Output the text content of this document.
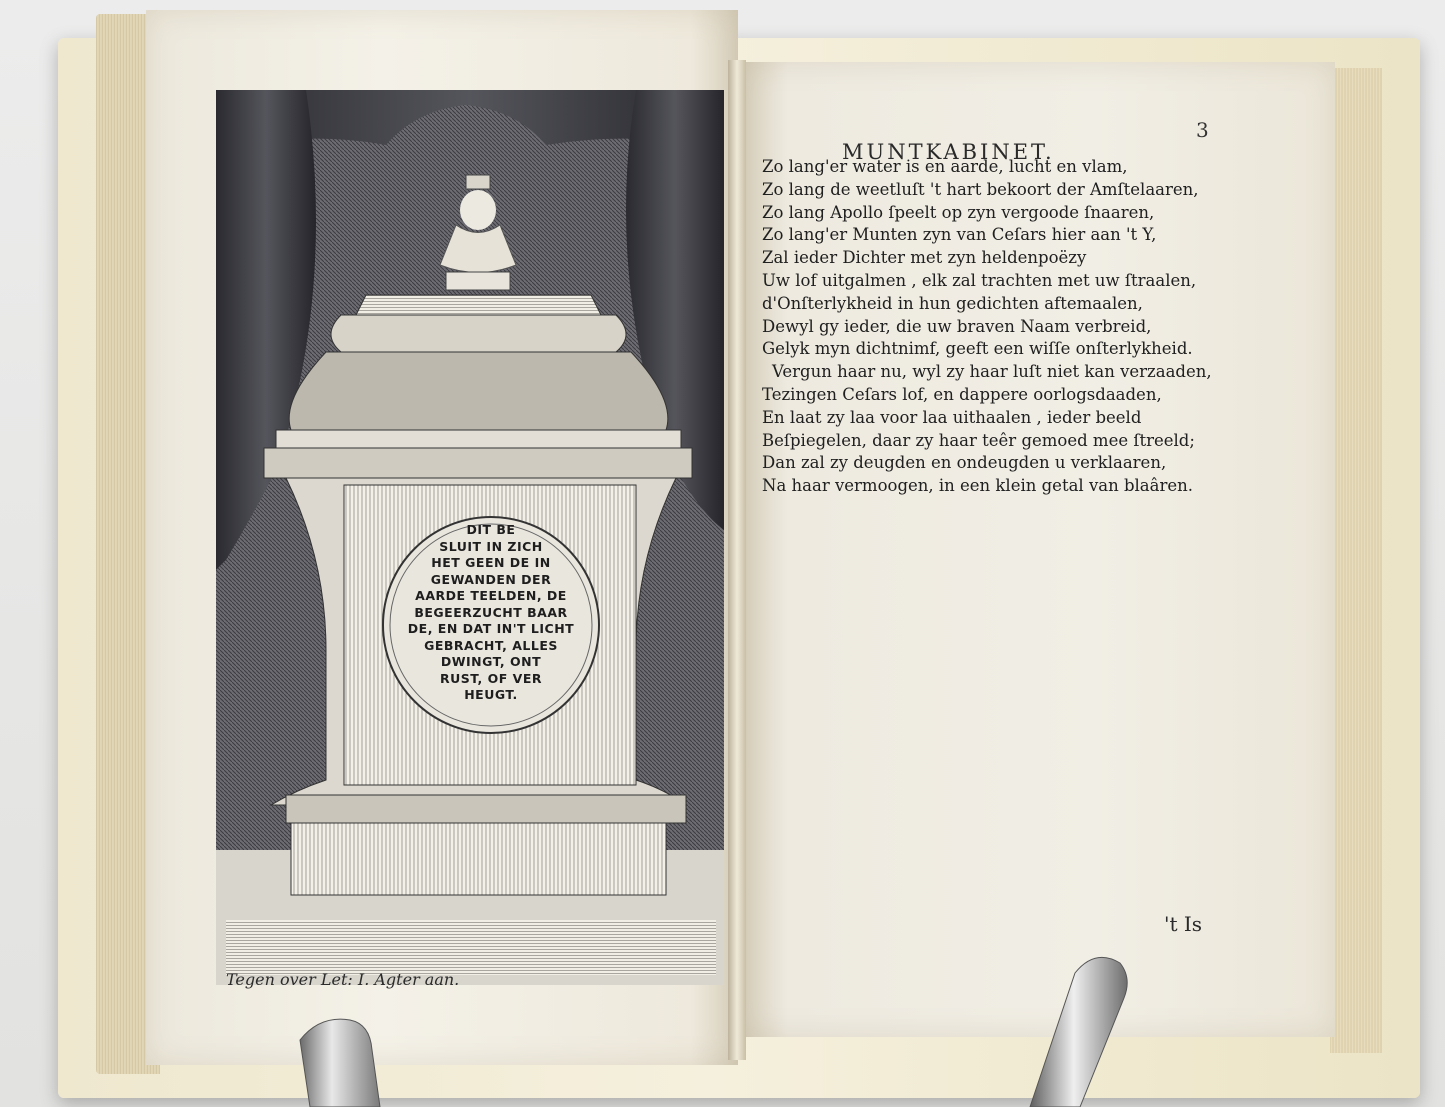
DIT BE
SLUIT IN ZICH
HET GEEN DE IN
GEWANDEN DER
AARDE TEELDEN, DE
BEGEERZUCHT BAAR
DE, EN DAT IN'T LICHT
GEBRACHT, ALLES
DWINGT, ONT
RUST, OF VER
HEUGT.
Tegen over Let: I. Agter aan.
MUNTKABINET.
3
Zo lang'er water is en aarde, lucht en vlam,
Zo lang de weetluſt 't hart bekoort der Amſtelaaren,
Zo lang Apollo ſpeelt op zyn vergoode ſnaaren,
Zo lang'er Munten zyn van Ceſars hier aan 't Y,
Zal ieder Dichter met zyn heldenpoëzy
Uw lof uitgalmen , elk zal trachten met uw ſtraalen,
d'Onſterlykheid in hun gedichten aftemaalen,
Dewyl gy ieder, die uw braven Naam verbreid,
Gelyk myn dichtnimf, geeft een wiſſe onſterlykheid.
Vergun haar nu, wyl zy haar luſt niet kan verzaaden,
Tezingen Ceſars lof, en dappere oorlogsdaaden,
En laat zy laa voor laa uithaalen , ieder beeld
Beſpiegelen, daar zy haar teêr gemoed mee ſtreeld;
Dan zal zy deugden en ondeugden u verklaaren,
Na haar vermoogen, in een klein getal van blaâren.
't Is
